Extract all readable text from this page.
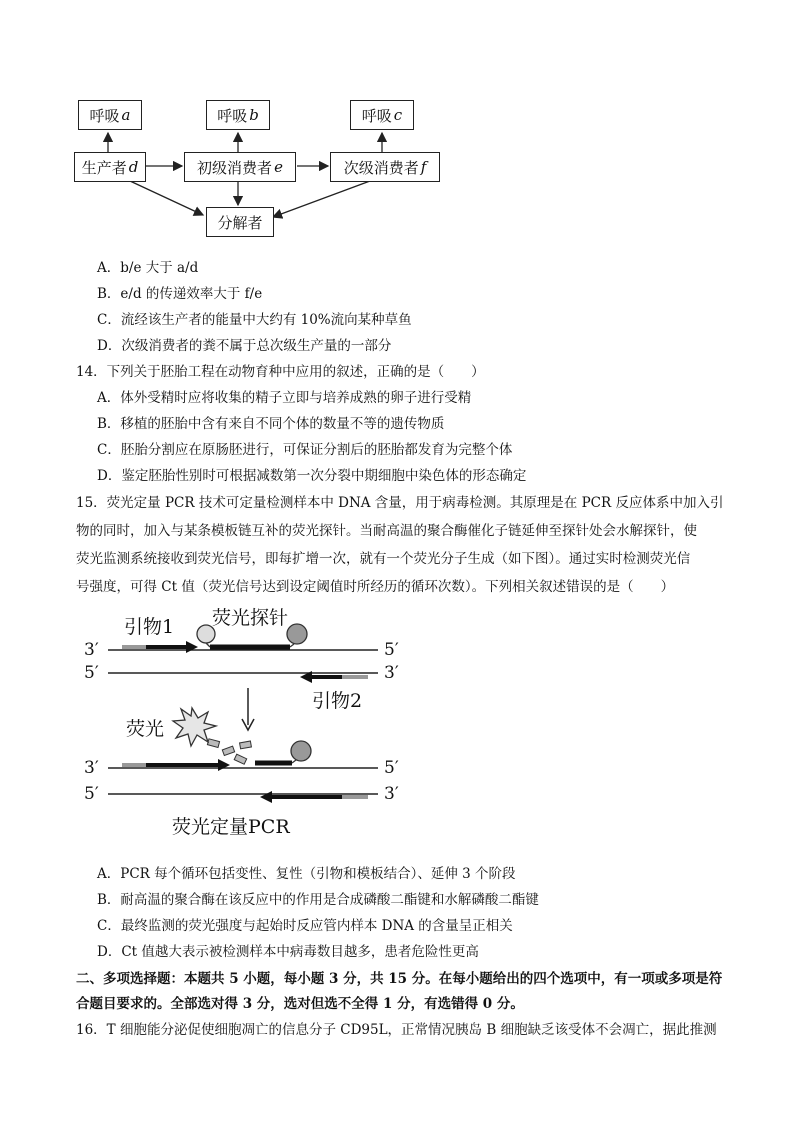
呼吸 a	呼吸 b	呼吸 c
生产者 d	初级消费者 e	次级消费者 f
分解者
A．b/e 大于 a/d
B．e/d 的传递效率大于 f/e
C．流经该生产者的能量中大约有 10%流向某种草鱼
D．次级消费者的粪不属于总次级生产量的一部分
14．下列关于胚胎工程在动物育种中应用的叙述，正确的是（　　）
A．体外受精时应将收集的精子立即与培养成熟的卵子进行受精
B．移植的胚胎中含有来自不同个体的数量不等的遗传物质
C．胚胎分割应在原肠胚进行，可保证分割后的胚胎都发育为完整个体
D．鉴定胚胎性别时可根据减数第一次分裂中期细胞中染色体的形态确定
15．荧光定量 PCR 技术可定量检测样本中 DNA 含量，用于病毒检测。其原理是在 PCR 反应体系中加入引
物的同时，加入与某条模板链互补的荧光探针。当耐高温的聚合酶催化子链延伸至探针处会水解探针，使
荧光监测系统接收到荧光信号，即每扩增一次，就有一个荧光分子生成（如下图）。通过实时检测荧光信
号强度，可得 Ct 值（荧光信号达到设定阈值时所经历的循环次数）。下列相关叙述错误的是（　　）
引物1 荧光探针
引物2
荧光
荧光定量PCR
3′	5′
5′	3′
3′	5′
5′	3′
A．PCR 每个循环包括变性、复性（引物和模板结合）、延伸 3 个阶段
B．耐高温的聚合酶在该反应中的作用是合成磷酸二酯键和水解磷酸二酯键
C．最终监测的荧光强度与起始时反应管内样本 DNA 的含量呈正相关
D．Ct 值越大表示被检测样本中病毒数目越多，患者危险性更高
二、多项选择题：本题共 5 小题，每小题 3 分，共 15 分。在每小题给出的四个选项中，有一项或多项是符
合题目要求的。全部选对得 3 分，选对但选不全得 1 分，有选错得 0 分。
16．T 细胞能分泌促使细胞凋亡的信息分子 CD95L，正常情况胰岛 B 细胞缺乏该受体不会凋亡，据此推测
